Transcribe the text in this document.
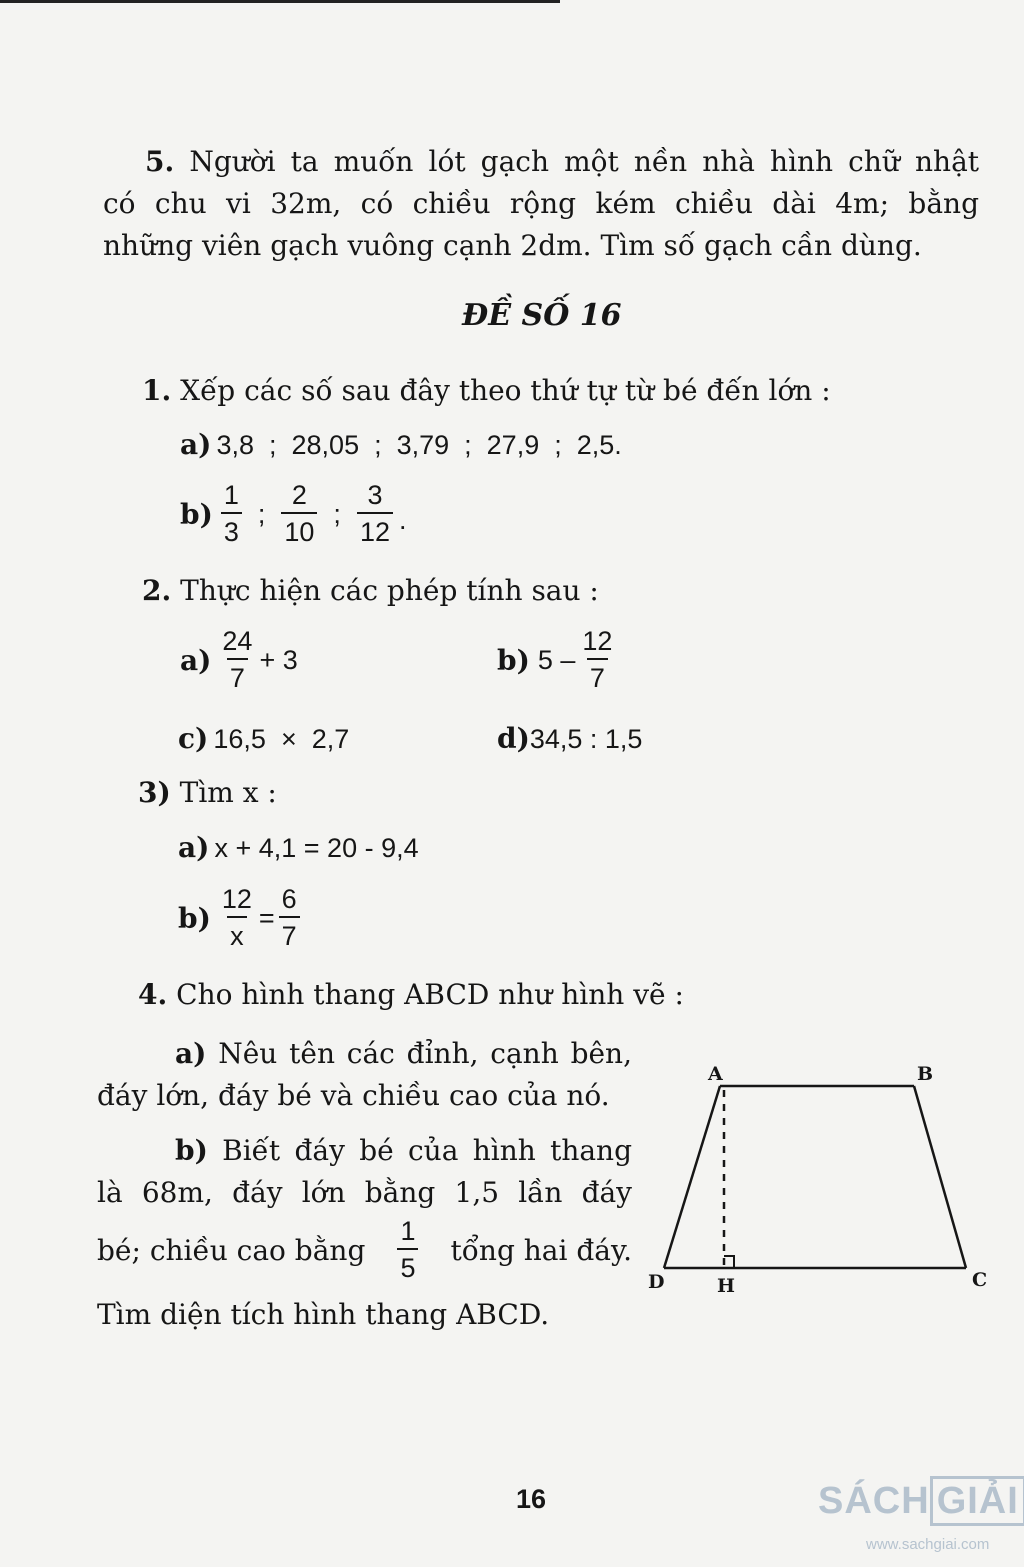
5. Người ta muốn lót gạch một nền nhà hình chữ nhật
có chu vi 32m, có chiều rộng kém chiều dài 4m; bằng
những viên gạch vuông cạnh 2dm. Tìm số gạch cần dùng.
ĐỀ SỐ 16
1. Xếp các số sau đây theo thứ tự từ bé đến lớn :
a) 3,8  ;  28,05  ;  3,79  ;  27,9  ;  2,5.
$b) \frac{1}{3}$ ; $\frac{2}{10}$ ; $\frac{3}{12}$ .
2. Thực hiện các phép tính sau :
$a) \frac{24}{7} + 3$	b) $5 - \frac{12}{7}$
c) 16,5  ×  2,7	d)34,5 : 1,5
3) Tìm x :
a) x + 4,1 = 20 - 9,4
$b) \frac{12}{x} = \frac{6}{7}$
4. Cho hình thang ABCD như hình vẽ :
a) Nêu tên các đỉnh, cạnh bên,
đáy lớn, đáy bé và chiều cao của nó.
b) Biết đáy bé của hình thang
là 68m, đáy lớn bằng 1,5 lần đáy
bé; chiều cao bằng $\frac{1}{5}$ tổng hai đáy.
Tìm diện tích hình thang ABCD.
A	B
C
D	H
16	SÁCH GIẢI
www.sachgiai.com
